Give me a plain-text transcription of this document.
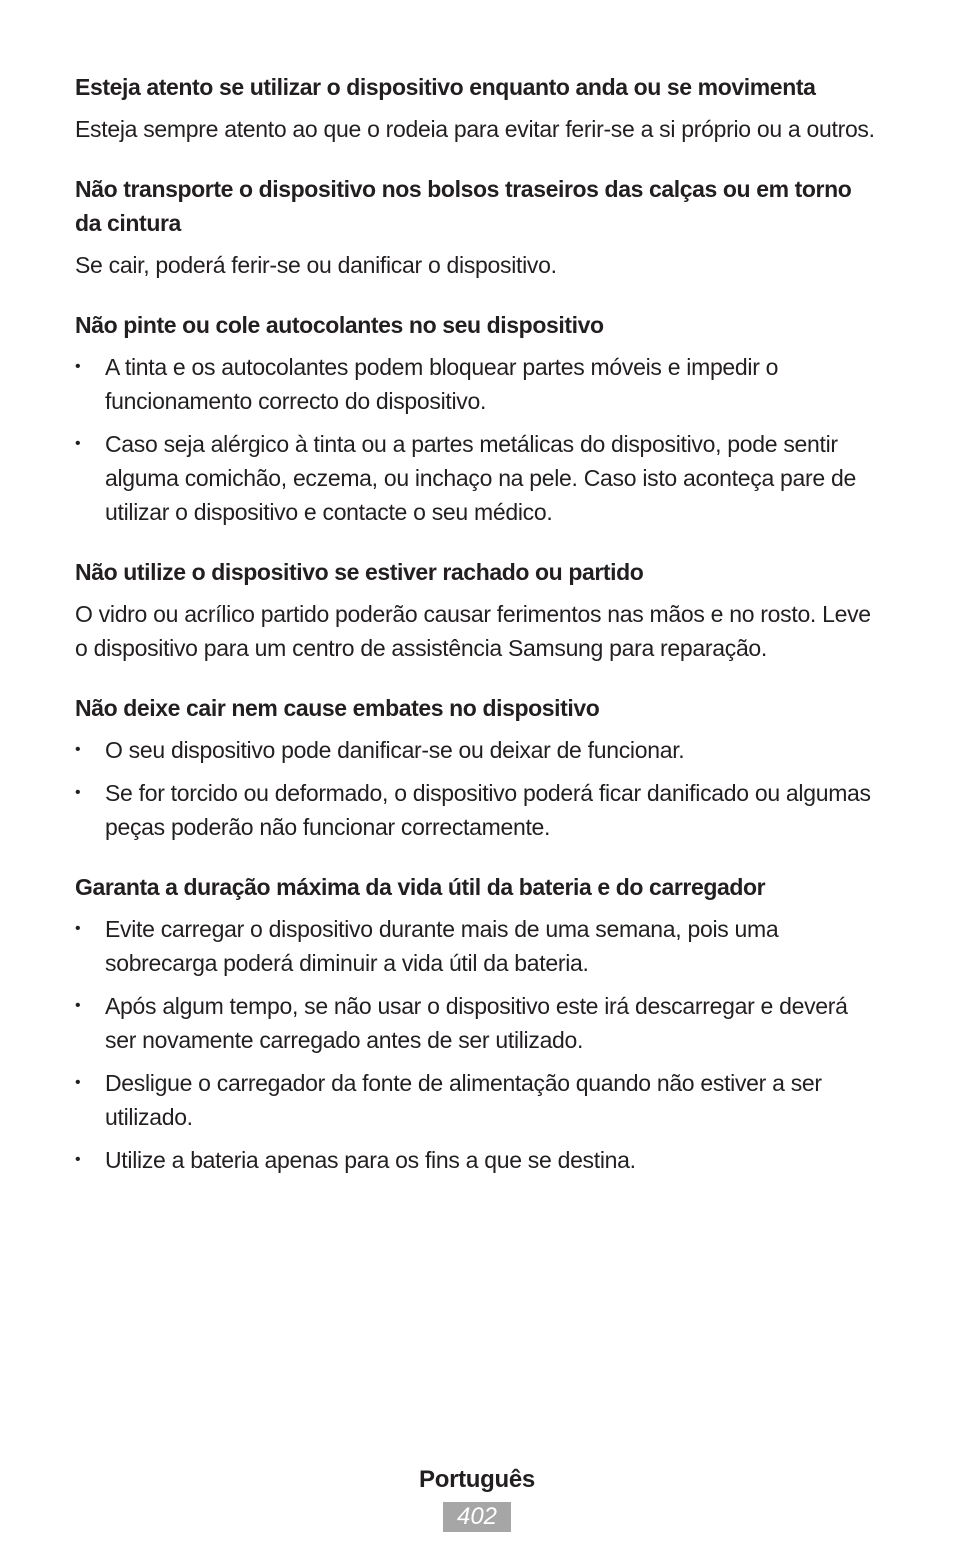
Esteja atento se utilizar o dispositivo enquanto anda ou se movimenta

Esteja sempre atento ao que o rodeia para evitar ferir-se a si próprio ou a outros.

Não transporte o dispositivo nos bolsos traseiros das calças ou em torno da cintura

Se cair, poderá ferir-se ou danificar o dispositivo.

Não pinte ou cole autocolantes no seu dispositivo

• A tinta e os autocolantes podem bloquear partes móveis e impedir o funcionamento correcto do dispositivo.
• Caso seja alérgico à tinta ou a partes metálicas do dispositivo, pode sentir alguma comichão, eczema, ou inchaço na pele. Caso isto aconteça pare de utilizar o dispositivo e contacte o seu médico.

Não utilize o dispositivo se estiver rachado ou partido

O vidro ou acrílico partido poderão causar ferimentos nas mãos e no rosto. Leve o dispositivo para um centro de assistência Samsung para reparação.

Não deixe cair nem cause embates no dispositivo

• O seu dispositivo pode danificar-se ou deixar de funcionar.
• Se for torcido ou deformado, o dispositivo poderá ficar danificado ou algumas peças poderão não funcionar correctamente.

Garanta a duração máxima da vida útil da bateria e do carregador

• Evite carregar o dispositivo durante mais de uma semana, pois uma sobrecarga poderá diminuir a vida útil da bateria.
• Após algum tempo, se não usar o dispositivo este irá descarregar e deverá ser novamente carregado antes de ser utilizado.
• Desligue o carregador da fonte de alimentação quando não estiver a ser utilizado.
• Utilize a bateria apenas para os fins a que se destina.
Português
402
